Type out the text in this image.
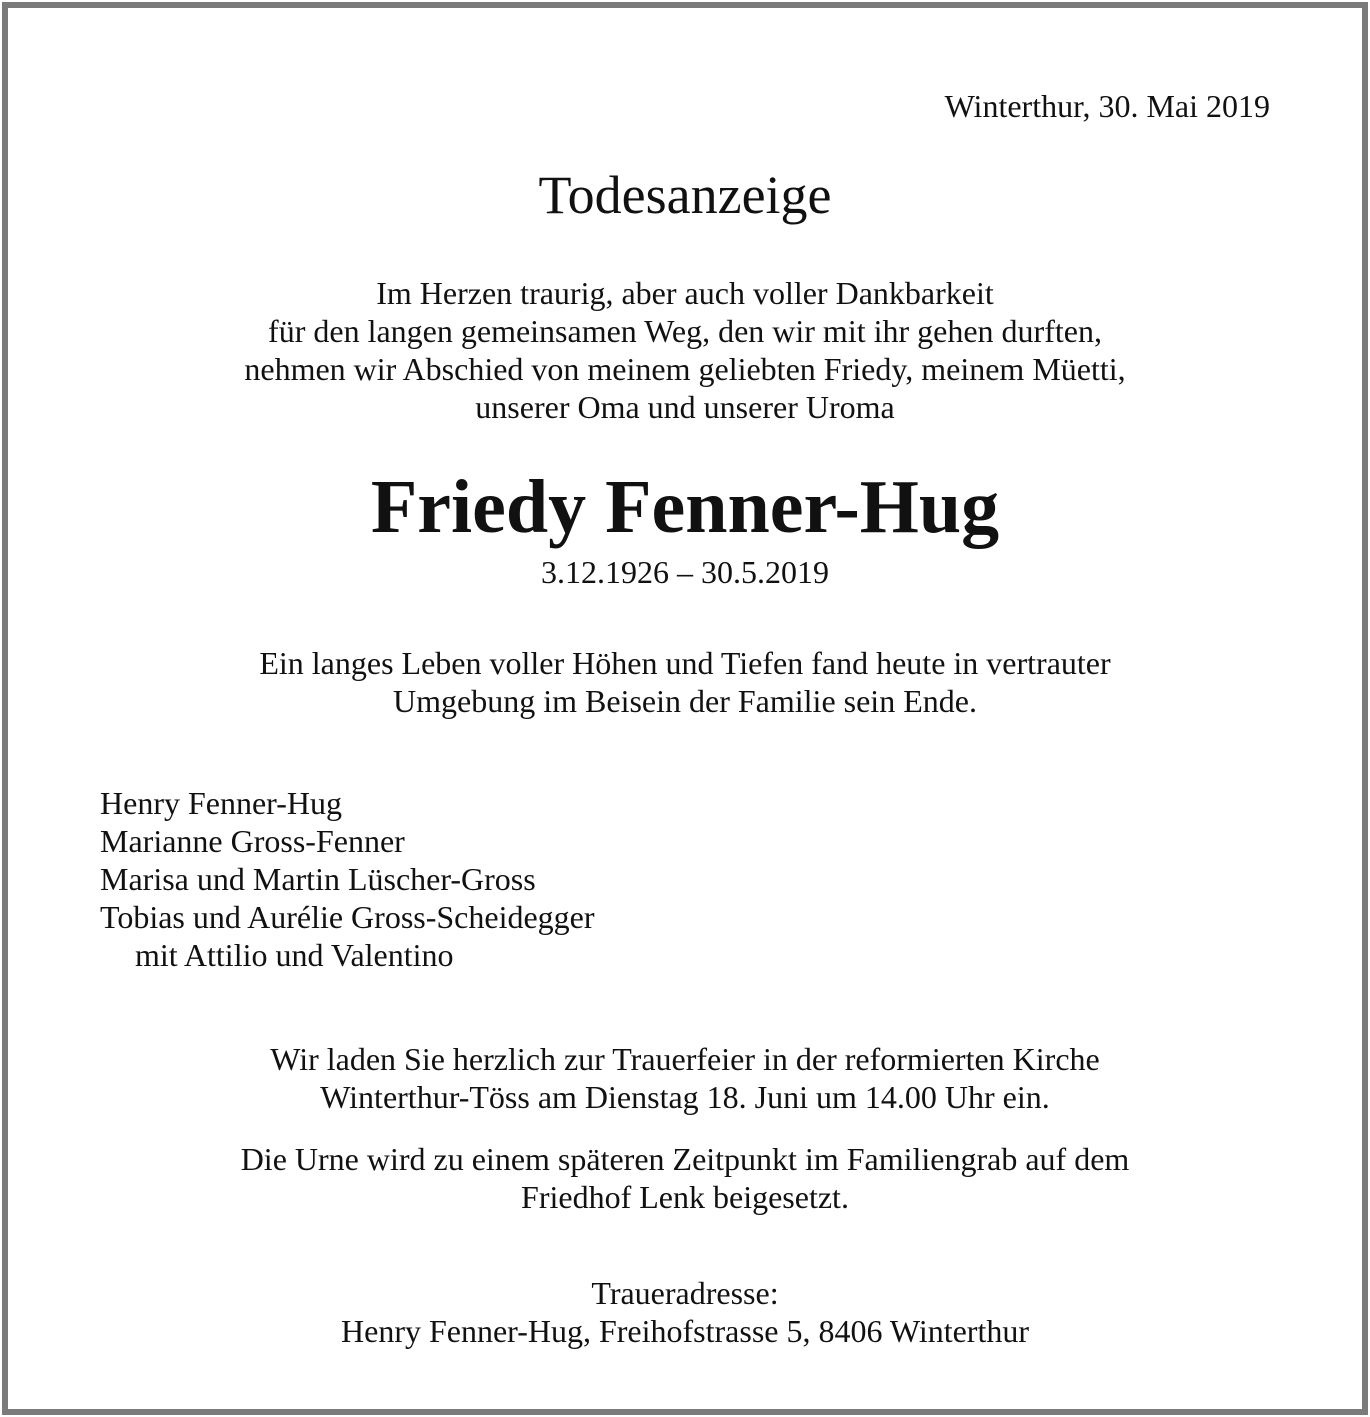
Winterthur, 30. Mai 2019
Todesanzeige
Im Herzen traurig, aber auch voller Dankbarkeit
für den langen gemeinsamen Weg, den wir mit ihr gehen durften,
nehmen wir Abschied von meinem geliebten Friedy, meinem Müetti,
unserer Oma und unserer Uroma
Friedy Fenner-Hug
3.12.1926 – 30.5.2019
Ein langes Leben voller Höhen und Tiefen fand heute in vertrauter
Umgebung im Beisein der Familie sein Ende.
Henry Fenner-Hug
Marianne Gross-Fenner
Marisa und Martin Lüscher-Gross
Tobias und Aurélie Gross-Scheidegger
mit Attilio und Valentino
Wir laden Sie herzlich zur Trauerfeier in der reformierten Kirche
Winterthur-Töss am Dienstag 18. Juni um 14.00 Uhr ein.
Die Urne wird zu einem späteren Zeitpunkt im Familiengrab auf dem
Friedhof Lenk beigesetzt.
Traueradresse:
Henry Fenner-Hug, Freihofstrasse 5, 8406 Winterthur
